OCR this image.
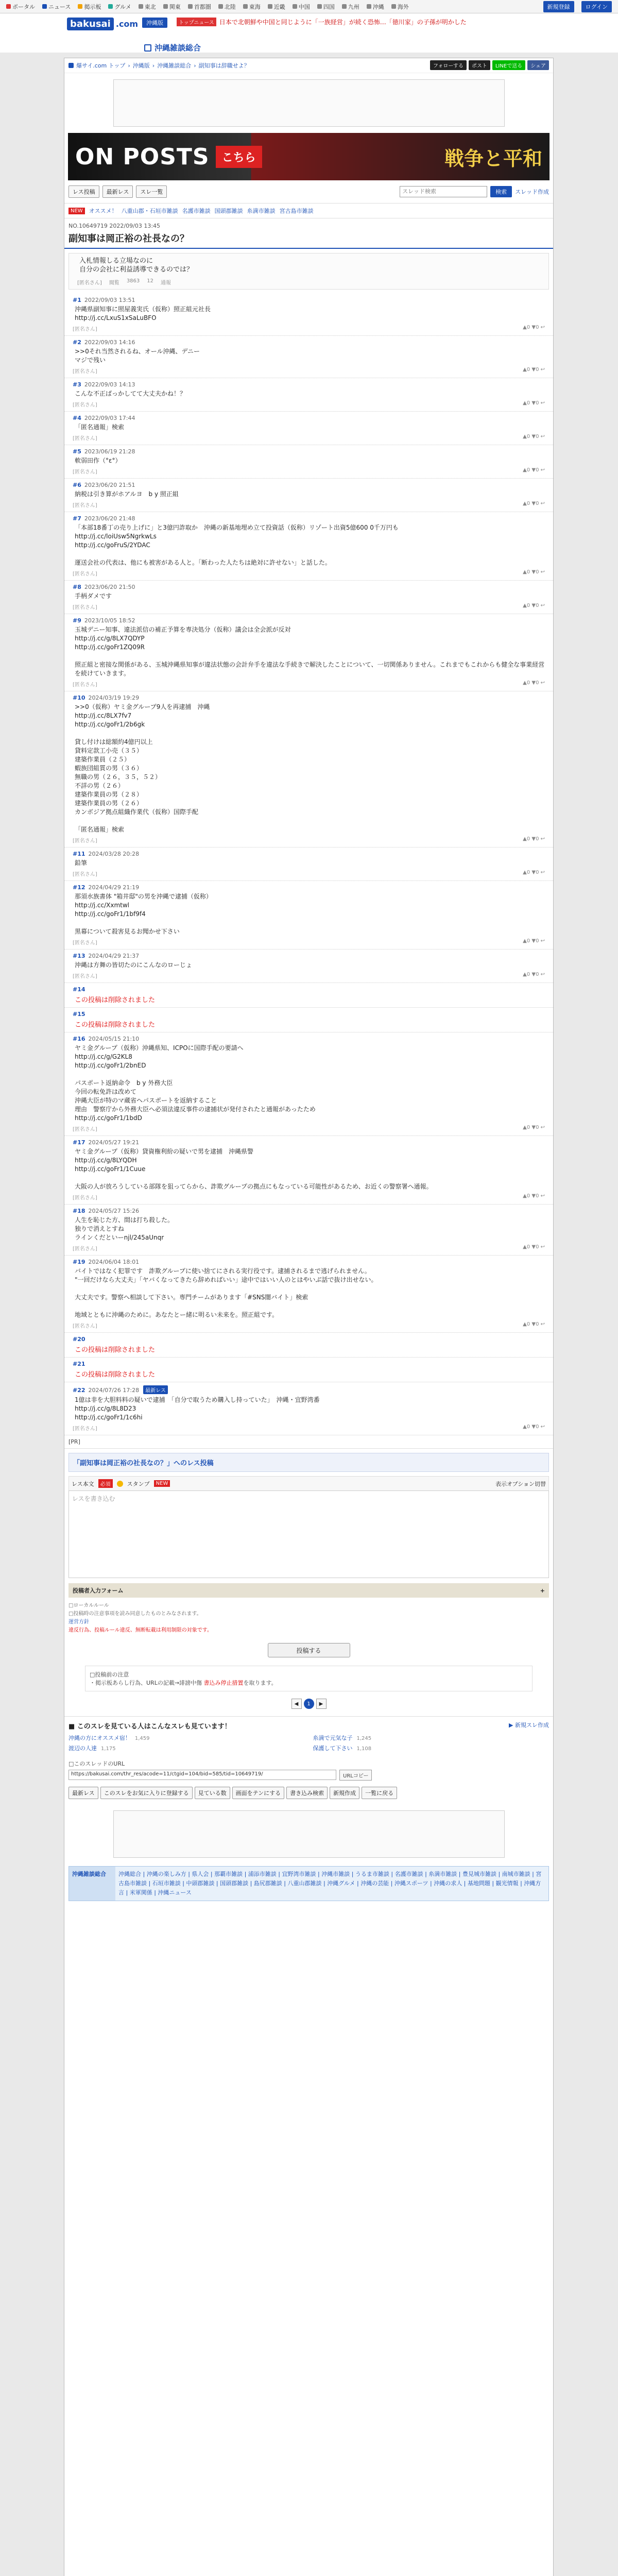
ポータル ニュース 掲示板 グルメ 東北 関東 首都圏 北陸 東海 近畿 中国 四国 九州 沖縄 海外	新規登録	ログイン
bakusai .com	沖縄版	トップニュース 日本で北朝鮮や中国と同じように「一族経営」が続く恐怖…「徳川家」の子孫が明かした
沖縄雑談総合
爆サイ.com トップ › 沖縄版 › 沖縄雑談総合 › 副知事は辞職せよ？	フォローする	ポスト	LINEで送る	シェア
ON POSTS	こちら	戦争と平和
レス投稿	最新レス	スレ一覧
スレッド検索	検索	スレッド作成
NEW	オススメ！ 八重山郡・石垣市雑談 名護市雑談 国頭郡雑談 糸満市雑談 宮古島市雑談
NO.10649719 2022/09/03 13:45
副知事は岡正裕の社長なの？
入札情報しる立場なのに
自分の会社に利益誘導できるのでは？
[匿名さん] 閲覧 3863 12 通報
#1 2022/09/03 13:51
沖縄県副知事に照屋義実氏（仮称）照正組元社長
http://j.cc/LxuS1xSaLuBFO
[匿名さん]	▲0 ▼0 ↩
#2 2022/09/03 14:16
>>0それ当然されるね、オール沖縄、デニー
マジで残い
[匿名さん]	▲0 ▼0 ↩
#3 2022/09/03 14:13
こんな不正ばっかしてて大丈夫かね！？
[匿名さん]	▲0 ▼0 ↩
#4 2022/09/03 17:44
「匿名通報」検索
[匿名さん]	▲0 ▼0 ↩
#5 2023/06/19 21:28
軟弱田作（°ε°）
[匿名さん]	▲0 ▼0 ↩
#6 2023/06/20 21:51
納税は引き算がホアルヨ　b y 照正組
[匿名さん]	▲0 ▼0 ↩
#7 2023/06/20 21:48
「本部18番丁の売り上げに」と3億円詐取か　沖縄の新基地埋め立て投資話（仮称）リゾート出資5億600 0千万円も
http://j.cc/loiUsw5NgrkwLs
http://j.cc/goFruS/2YDAC

運送会社の代表は、他にも被害がある人と。「断わった人たちは絶対に許せない」と話した。
[匿名さん]	▲0 ▼0 ↩
#8 2023/06/20 21:50
手柄ダメです
[匿名さん]	▲0 ▼0 ↩
#9 2023/10/05 18:52
玉城デニー知事、違法派信の補正予算を専決処分（仮称）議会は全会派が反対
http://j.cc/g/8LX7QDYP
http://j.cc/goFr1ZQ09R

照正組と密接な関係がある、玉城沖縄県知事が違法状態の会計弁手を違法な手続きで解決したことについて、一切関係ありません。これまでもこれからも健全な事業経営を続けていきます。
[匿名さん]	▲0 ▼0 ↩
#10 2024/03/19 19:29
>>0（仮称）ヤミ金グループ9人を再逮捕　沖縄
http://j.cc/8LX7fv7
http://j.cc/goFr1/2b6gk

貸し付けは総額約4億円以上
貸料定款工小売（３５）
建築作業員（２５）
蝦族団組質の男（３６）
無職の男（２６，３５，５２）
不詳の男（２６）
建築作業員の男（２８）
建築作業員の男（２６）
カンボジア拠点組織作業代（仮称）国際手配

「匿名通報」検索
[匿名さん]	▲0 ▼0 ↩
#11 2024/03/28 20:28
鉛筆
[匿名さん]	▲0 ▼0 ↩
#12 2024/04/29 21:19
那須水族書体 "箱井邸"の男を沖縄で逮捕（仮称）
http://j.cc/Xxmtwl
http://j.cc/goFr1/1bf9f4

黒幕について殺害見るお聞かせ下さい
[匿名さん]	▲0 ▼0 ↩
#13 2024/04/29 21:37
沖縄は方舞の皆切たのにこんなのローじょ
[匿名さん]	▲0 ▼0 ↩
#14
この投稿は削除されました
#15
この投稿は削除されました
#16 2024/05/15 21:10
ヤミ金グループ（仮称）沖縄県知、ICPOに国際手配の要請へ
http://j.cc/g/G2KL8
http://j.cc/goFr1/2bnED

パスポート返納命令　b y 外務大臣
今回の転免許は改めて
沖縄大臣が特のマ蔵省ヘパスポートを返納すること
理由　警察庁から外務大臣へ必須法違反事件の逮捕状が発付されたと通報があったため
http://j.cc/goFr1/1bdD
[匿名さん]	▲0 ▼0 ↩
#17 2024/05/27 19:21
ヤミ金グループ（仮称）貸資権利紛の疑いで男を逮捕　沖縄県警
http://j.cc/g/8LYQDH
http://j.cc/goFr1/1Cuue

大阪の人が放ろうしている部隊を狙ってらから、詐欺グループの拠点にもなっている可能性があるため、お近くの警察署へ通報。
[匿名さん]	▲0 ▼0 ↩
#18 2024/05/27 15:26
人生を恥じた方、間は打ち殺した。
独りで消えとすね
ラインくだといーnjl/245aUnqr
[匿名さん]	▲0 ▼0 ↩
#19 2024/06/04 18:01
バイトではなく犯罪です　詐欺グループに使い捨てにされる実行役です。逮捕されるまで逃げられません。
"一回だけなら大丈夫」「ヤバくなってきたら辞めればいい」途中ではいい人のとはやいぶ話で抜け出せない。

大丈夫です。警察へ相談して下さい。専門チームがあります「#SNS闇バイト」検索

地域とともに沖縄のために。あなたとー緒に明るい未来を。照正組です。
[匿名さん]	▲0 ▼0 ↩
#20
この投稿は削除されました
#21
この投稿は削除されました
#22 2024/07/26 17:28 最新レス
1億は非を大胆料料の疑いで逮捕　「自分で取うため購入し持っていた」　沖縄・宜野湾番
http://j.cc/g/8L8D23
http://j.cc/goFr1/1c6hi
[匿名さん]	▲0 ▼0 ↩
[PR]
「副知事は岡正裕の社長なの？」へのレス投稿
レス本文	必須	スタンプ	NEW	表示オプション切替
レスを書き込む
投稿者入力フォーム	+
□ローカルルール
□投稿時の注意事項を読み同意したものとみなされます。
運営方針
違反行為、投稿ルール違反、無断転載は利用制限の対象です。
投稿する
□投稿前の注意
・掲示板あらし行為、URLの記載→誹謗中傷 書込み停止措置を取ります。
◀	1	▶
■ このスレを見ている人はこんなスレも見ています！	▶ 新規スレ作成
沖縄の方にオススメ宿！ 1,459	糸満で元気な子 1,245
渡辺の人達 1,175	保護して下さい 1,108
□このスレッドのURL
https://bakusai.com/thr_res/acode=11/ctgid=104/bid=585/tid=10649719/	URLコピー
最新レス	このスレをお気に入りに登録する	見ている数	画面をテンにする	書き込み検索	新規作成	一覧に戻る
沖縄雑談総合	沖縄総合 | 沖縄の楽しみ方 | 県人会 | 那覇市雑談 | 浦添市雑談 | 宜野湾市雑談 | 沖縄市雑談 | うるま市雑談 | 名護市雑談 | 糸満市雑談 | 豊見城市雑談 | 南城市雑談 | 宮古島市雑談 | 石垣市雑談 | 中頭郡雑談 | 国頭郡雑談 | 島尻郡雑談 | 八重山郡雑談 | 沖縄グルメ | 沖縄の芸能 | 沖縄スポーツ | 沖縄の求人 | 基地問題 | 観光情報 | 沖縄方言 | 米軍関係 | 沖縄ニュース
